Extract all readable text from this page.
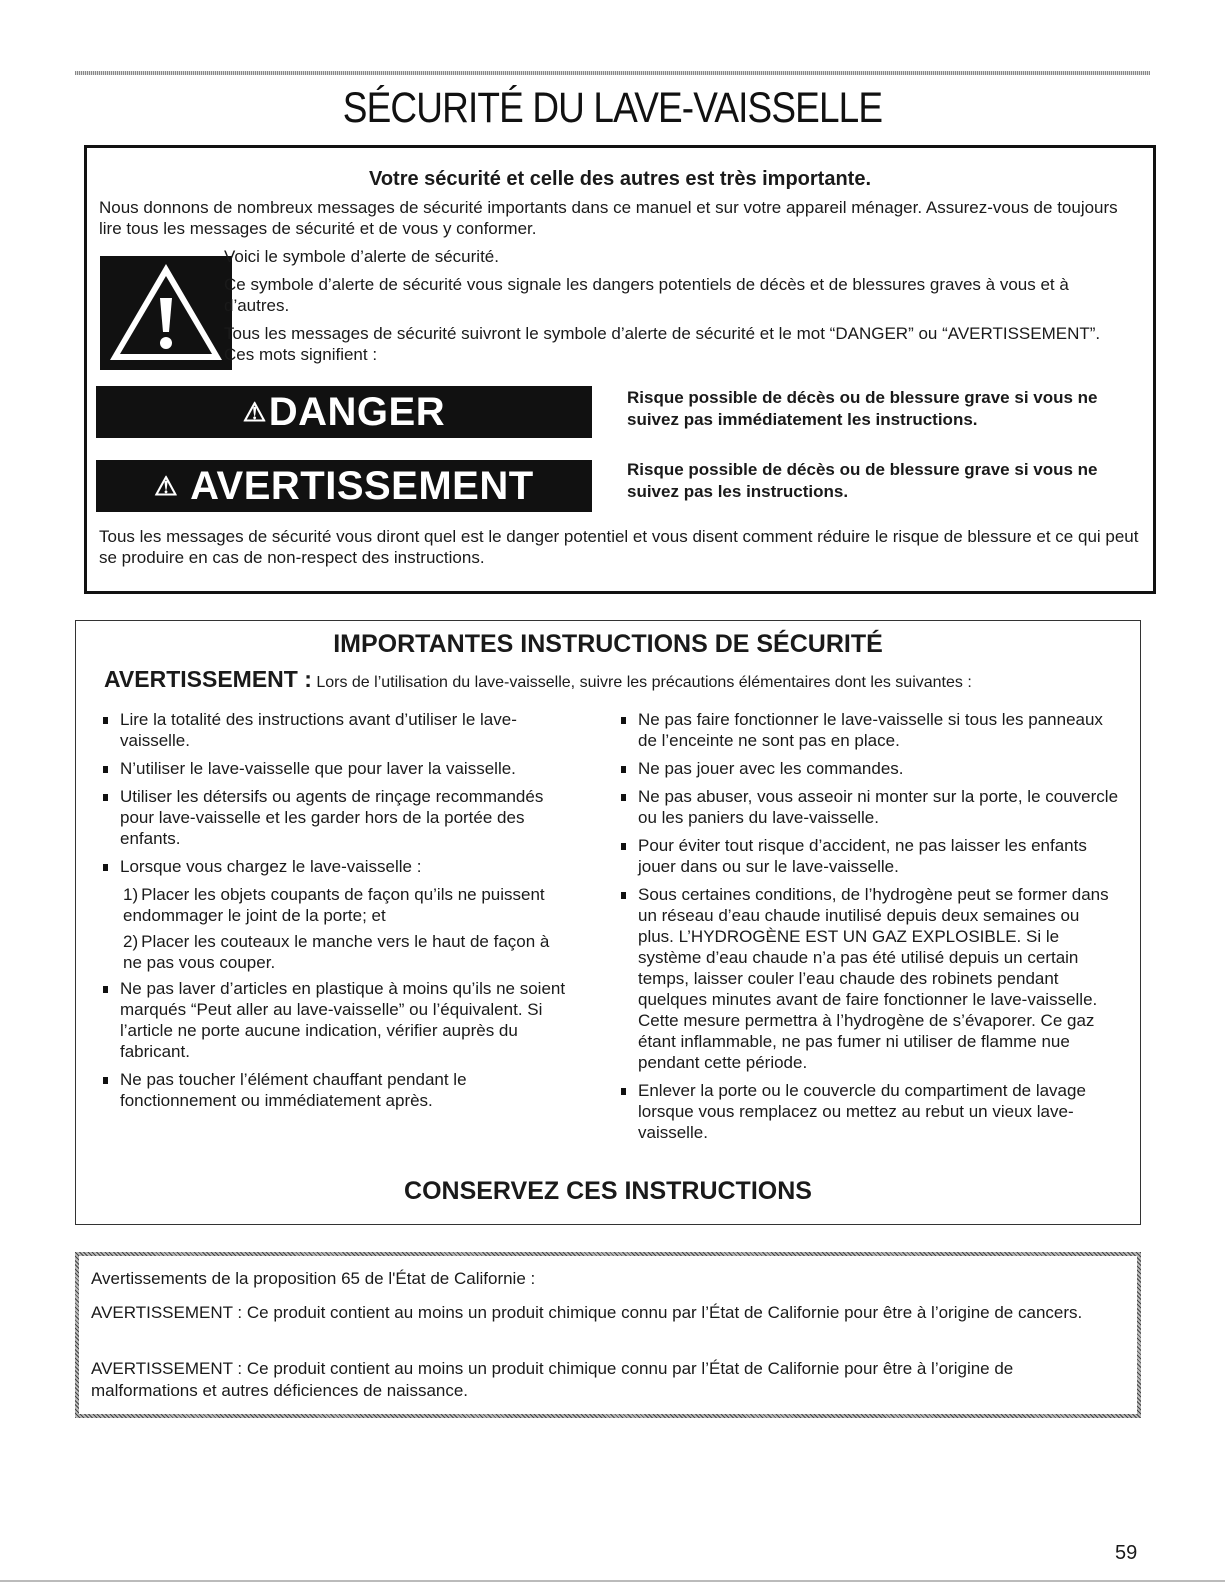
SÉCURITÉ DU LAVE-VAISSELLE
Votre sécurité et celle des autres est très importante.
Nous donnons de nombreux messages de sécurité importants dans ce manuel et sur votre appareil ménager. Assurez-vous de toujours lire tous les messages de sécurité et de vous y conformer.
Voici le symbole d’alerte de sécurité.
Ce symbole d’alerte de sécurité vous signale les dangers potentiels de décès et de blessures graves à vous et à d’autres.
Tous les messages de sécurité suivront le symbole d’alerte de sécurité et le mot “DANGER” ou “AVERTISSEMENT”. Ces mots signifient :
⚠ DANGER	Risque possible de décès ou de blessure grave si vous ne suivez pas immédiatement les instructions.
⚠ AVERTISSEMENT	Risque possible de décès ou de blessure grave si vous ne suivez pas les instructions.
Tous les messages de sécurité vous diront quel est le danger potentiel et vous disent comment réduire le risque de blessure et ce qui peut se produire en cas de non-respect des instructions.
IMPORTANTES INSTRUCTIONS DE SÉCURITÉ
AVERTISSEMENT : Lors de l’utilisation du lave-vaisselle, suivre les précautions élémentaires dont les suivantes :
Lire la totalité des instructions avant d’utiliser le lave-vaisselle.
N’utiliser le lave-vaisselle que pour laver la vaisselle.
Utiliser les détersifs ou agents de rinçage recommandés pour lave-vaisselle et les garder hors de la portée des enfants.
Lorsque vous chargez le lave-vaisselle :
1) Placer les objets coupants de façon qu’ils ne puissent endommager le joint de la porte; et
2) Placer les couteaux le manche vers le haut de façon à ne pas vous couper.
Ne pas laver d’articles en plastique à moins qu’ils ne soient marqués “Peut aller au lave-vaisselle” ou l’équivalent. Si l’article ne porte aucune indication, vérifier auprès du fabricant.
Ne pas toucher l’élément chauffant pendant le fonctionnement ou immédiatement après.
Ne pas faire fonctionner le lave-vaisselle si tous les panneaux de l’enceinte ne sont pas en place.
Ne pas jouer avec les commandes.
Ne pas abuser, vous asseoir ni monter sur la porte, le couvercle ou les paniers du lave-vaisselle.
Pour éviter tout risque d’accident, ne pas laisser les enfants jouer dans ou sur le lave-vaisselle.
Sous certaines conditions, de l’hydrogène peut se former dans un réseau d’eau chaude inutilisé depuis deux semaines ou plus. L’HYDROGÈNE EST UN GAZ EXPLOSIBLE. Si le système d’eau chaude n’a pas été utilisé depuis un certain temps, laisser couler l’eau chaude des robinets pendant quelques minutes avant de faire fonctionner le lave-vaisselle. Cette mesure permettra à l’hydrogène de s’évaporer. Ce gaz étant inflammable, ne pas fumer ni utiliser de flamme nue pendant cette période.
Enlever la porte ou le couvercle du compartiment de lavage lorsque vous remplacez ou mettez au rebut un vieux lave-vaisselle.
CONSERVEZ CES INSTRUCTIONS

Avertissements de la proposition 65 de l'État de Californie :

AVERTISSEMENT : Ce produit contient au moins un produit chimique connu par l’État de Californie pour être à l’origine de cancers.

AVERTISSEMENT : Ce produit contient au moins un produit chimique connu par l’État de Californie pour être à l’origine de malformations et autres déficiences de naissance.

59
